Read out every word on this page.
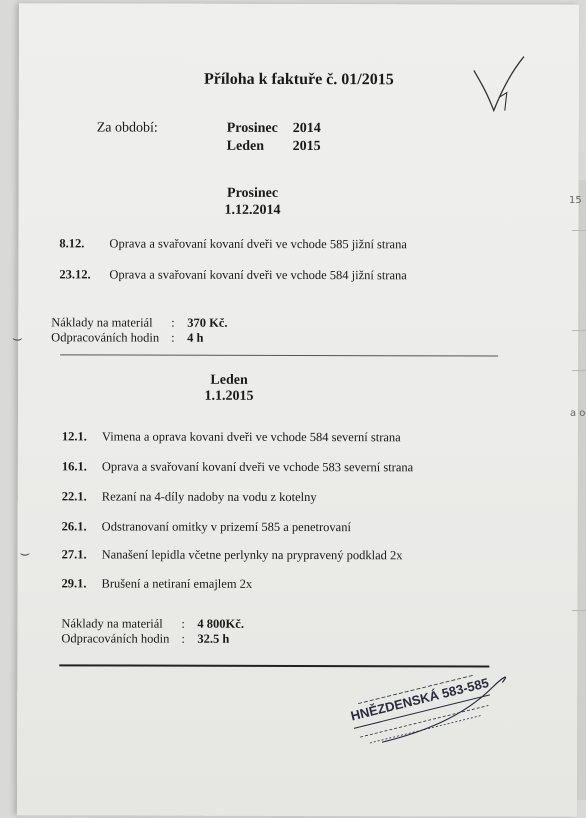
Příloha k faktuře č. 01/2015
Za období:	Prosinec 2014
Leden 2015
Prosinec
1.12.2014
8.12. Oprava a svařovaní kovaní dveři ve vchode 585 jižní strana
23.12. Oprava a svařovaní kovaní dveři ve vchode 584 jižní strana
Náklady na materiál : 370 Kč.
Odpracováních hodin : 4 h
⌣
Leden
1.1.2015
12.1. Vimena a oprava kovani dveři ve vchode 584 severní strana
16.1. Oprava a svařovaní kovaní dveři ve vchode 583 severní strana
22.1. Rezaní na 4-díly nadoby na vodu z kotelny
26.1. Odstranovaní omitky v prizemí 585 a penetrovaní
27.1. Nanašení lepidla včetne perlynky na prypravený podklad 2x
29.1. Brušení a netiraní emajlem 2x
⌣
Náklady na materiál : 4 800Kč.
Odpracováních hodin : 32.5 h
HNĚZDENSKÁ 583-585
15
a o
